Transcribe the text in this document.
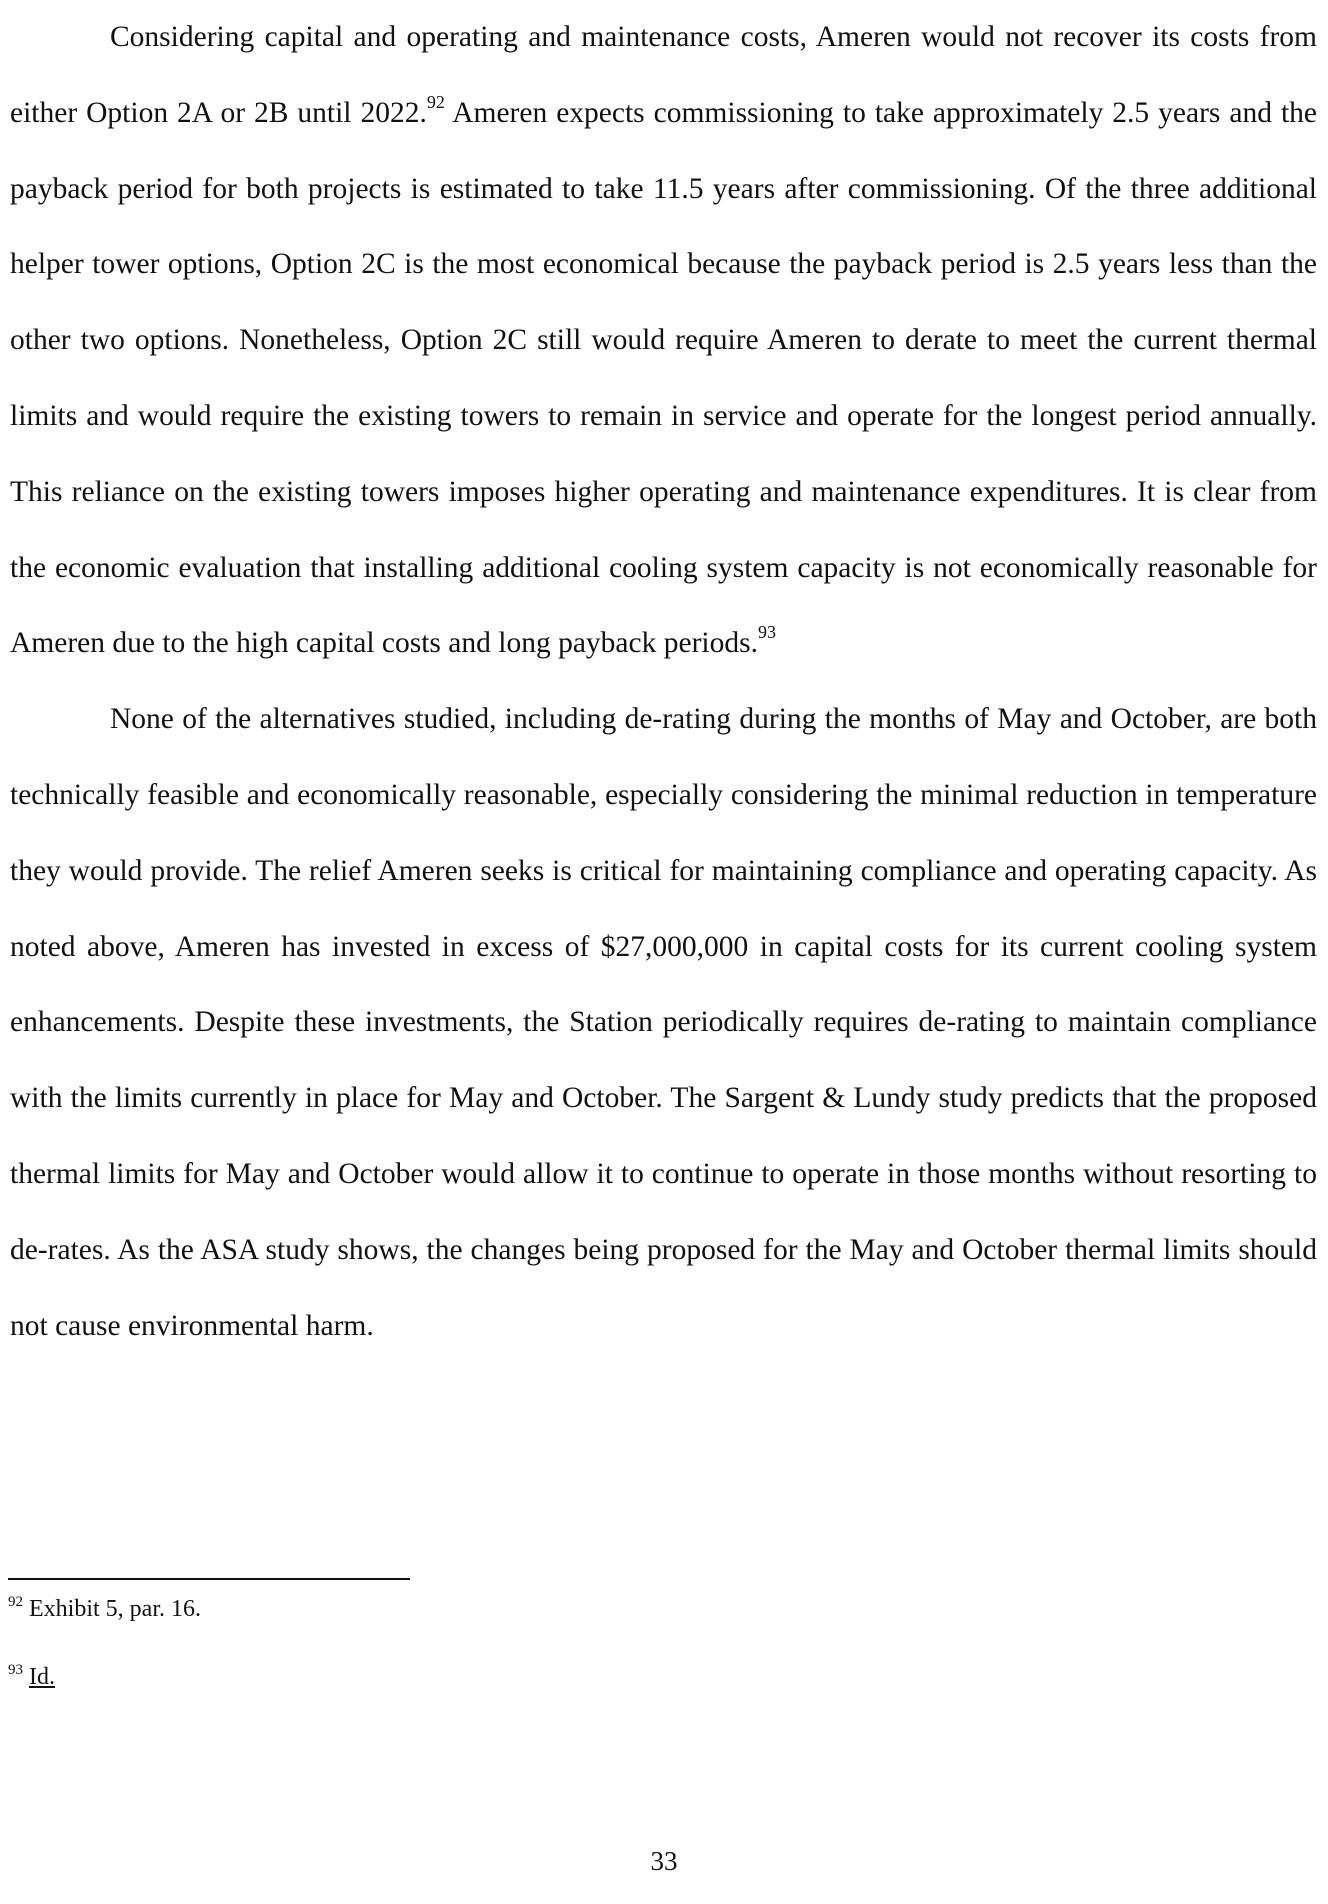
Considering capital and operating and maintenance costs, Ameren would not recover its costs from either Option 2A or 2B until 2022.92 Ameren expects commissioning to take approximately 2.5 years and the payback period for both projects is estimated to take 11.5 years after commissioning. Of the three additional helper tower options, Option 2C is the most economical because the payback period is 2.5 years less than the other two options. Nonetheless, Option 2C still would require Ameren to derate to meet the current thermal limits and would require the existing towers to remain in service and operate for the longest period annually. This reliance on the existing towers imposes higher operating and maintenance expenditures. It is clear from the economic evaluation that installing additional cooling system capacity is not economically reasonable for Ameren due to the high capital costs and long payback periods.$^{93}$

None of the alternatives studied, including de-rating during the months of May and October, are both technically feasible and economically reasonable, especially considering the minimal reduction in temperature they would provide. The relief Ameren seeks is critical for maintaining compliance and operating capacity. As noted above, Ameren has invested in excess of $27,000,000 in capital costs for its current cooling system enhancements. Despite these investments, the Station periodically requires de-rating to maintain compliance with the limits currently in place for May and October. The Sargent & Lundy study predicts that the proposed thermal limits for May and October would allow it to continue to operate in those months without resorting to de-rates. As the ASA study shows, the changes being proposed for the May and October thermal limits should not cause environmental harm.

$^{92}$ Exhibit 5, par. 16.
$^{93}$ Id.
33
